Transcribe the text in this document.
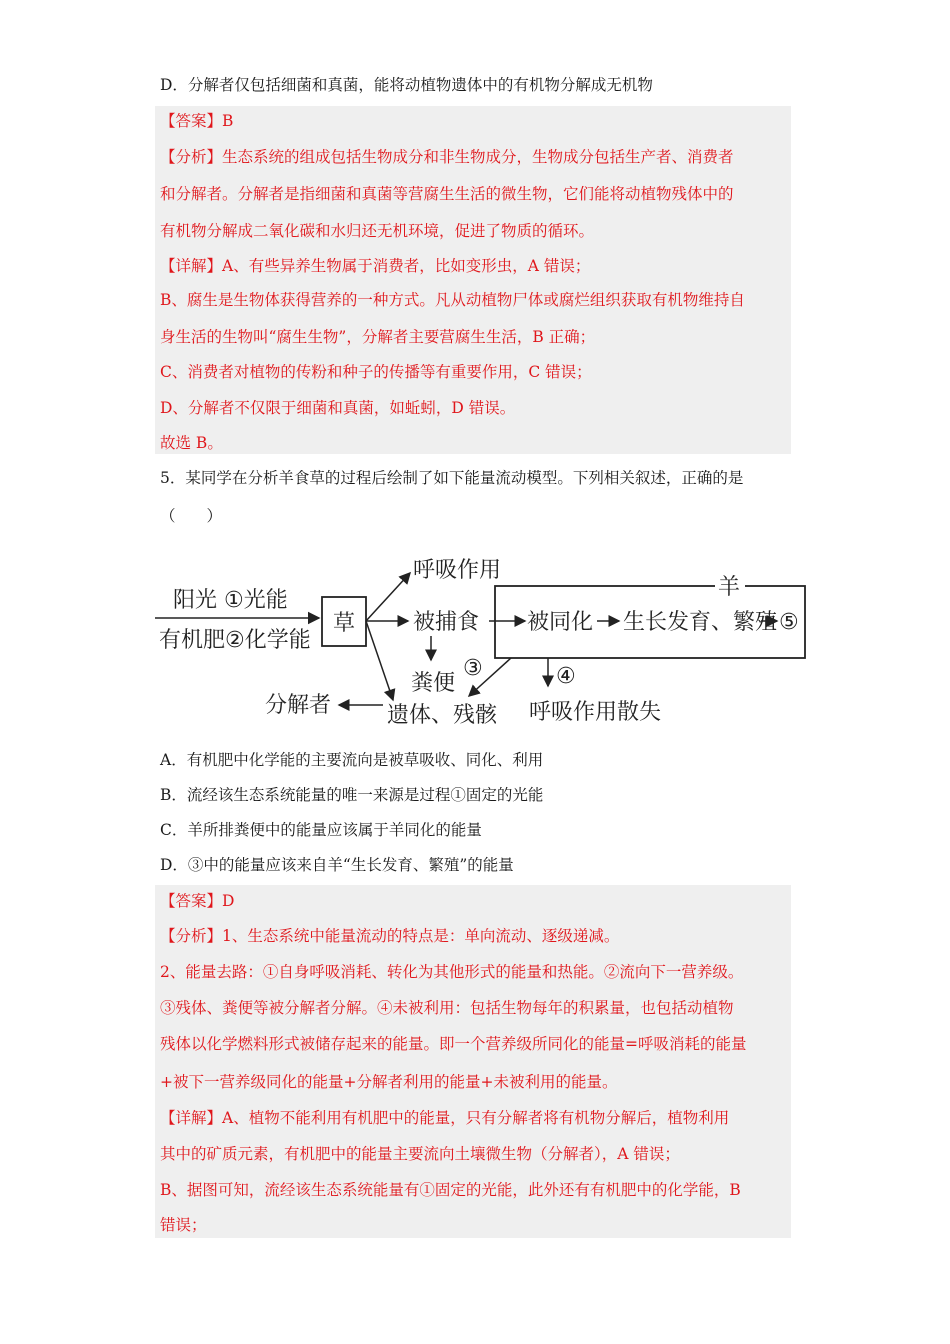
D．分解者仅包括细菌和真菌，能将动植物遗体中的有机物分解成无机物
【答案】B
【分析】生态系统的组成包括生物成分和非生物成分，生物成分包括生产者、消费者
和分解者。分解者是指细菌和真菌等营腐生生活的微生物，它们能将动植物残体中的
有机物分解成二氧化碳和水归还无机环境，促进了物质的循环。
【详解】A、有些异养生物属于消费者，比如变形虫，A 错误；
B、腐生是生物体获得营养的一种方式。凡从动植物尸体或腐烂组织获取有机物维持自
身生活的生物叫“腐生生物”，分解者主要营腐生生活，B 正确；
C、消费者对植物的传粉和种子的传播等有重要作用，C 错误；
D、分解者不仅限于细菌和真菌，如蚯蚓，D 错误。
故选 B。
5．某同学在分析羊食草的过程后绘制了如下能量流动模型。下列相关叙述，正确的是
（　　）
阳光 ①光能
有机肥②化学能
草
呼吸作用
被捕食
粪便
遗体、残骸
分解者
羊
被同化 生长发育、繁殖 ⑤
③	④
呼吸作用散失
A．有机肥中化学能的主要流向是被草吸收、同化、利用
B．流经该生态系统能量的唯一来源是过程①固定的光能
C．羊所排粪便中的能量应该属于羊同化的能量
D．③中的能量应该来自羊“生长发育、繁殖”的能量
【答案】D
【分析】1、生态系统中能量流动的特点是：单向流动、逐级递减。
2、能量去路：①自身呼吸消耗、转化为其他形式的能量和热能。②流向下一营养级。
③残体、粪便等被分解者分解。④未被利用：包括生物每年的积累量，也包括动植物
残体以化学燃料形式被储存起来的能量。即一个营养级所同化的能量=呼吸消耗的能量
+被下一营养级同化的能量+分解者利用的能量+未被利用的能量。
【详解】A、植物不能利用有机肥中的能量，只有分解者将有机物分解后，植物利用
其中的矿质元素，有机肥中的能量主要流向土壤微生物（分解者），A 错误；
B、据图可知，流经该生态系统能量有①固定的光能，此外还有有机肥中的化学能，B
错误；
